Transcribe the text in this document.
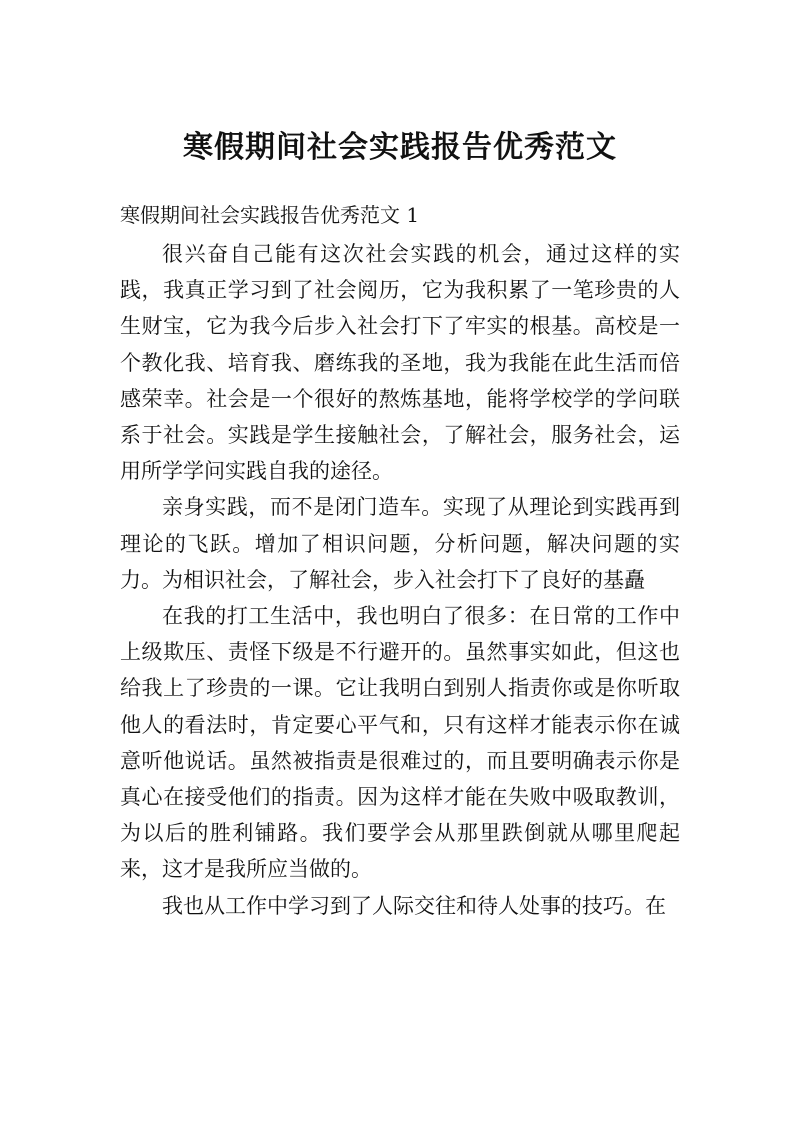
寒假期间社会实践报告优秀范文

寒假期间社会实践报告优秀范文 1

很兴奋自己能有这次社会实践的机会，通过这样的实践，我真正学习到了社会阅历，它为我积累了一笔珍贵的人生财宝，它为我今后步入社会打下了牢实的根基。高校是一个教化我、培育我、磨练我的圣地，我为我能在此生活而倍感荣幸。社会是一个很好的熬炼基地，能将学校学的学问联系于社会。实践是学生接触社会，了解社会，服务社会，运用所学学问实践自我的途径。

亲身实践，而不是闭门造车。实现了从理论到实践再到理论的飞跃。增加了相识问题，分析问题，解决问题的实力。为相识社会，了解社会，步入社会打下了良好的基矗

在我的打工生活中，我也明白了很多：在日常的工作中上级欺压、责怪下级是不行避开的。虽然事实如此，但这也给我上了珍贵的一课。它让我明白到别人指责你或是你听取他人的看法时，肯定要心平气和，只有这样才能表示你在诚意听他说话。虽然被指责是很难过的，而且要明确表示你是真心在接受他们的指责。因为这样才能在失败中吸取教训，为以后的胜利铺路。我们要学会从那里跌倒就从哪里爬起来，这才是我所应当做的。

我也从工作中学习到了人际交往和待人处事的技巧。在
